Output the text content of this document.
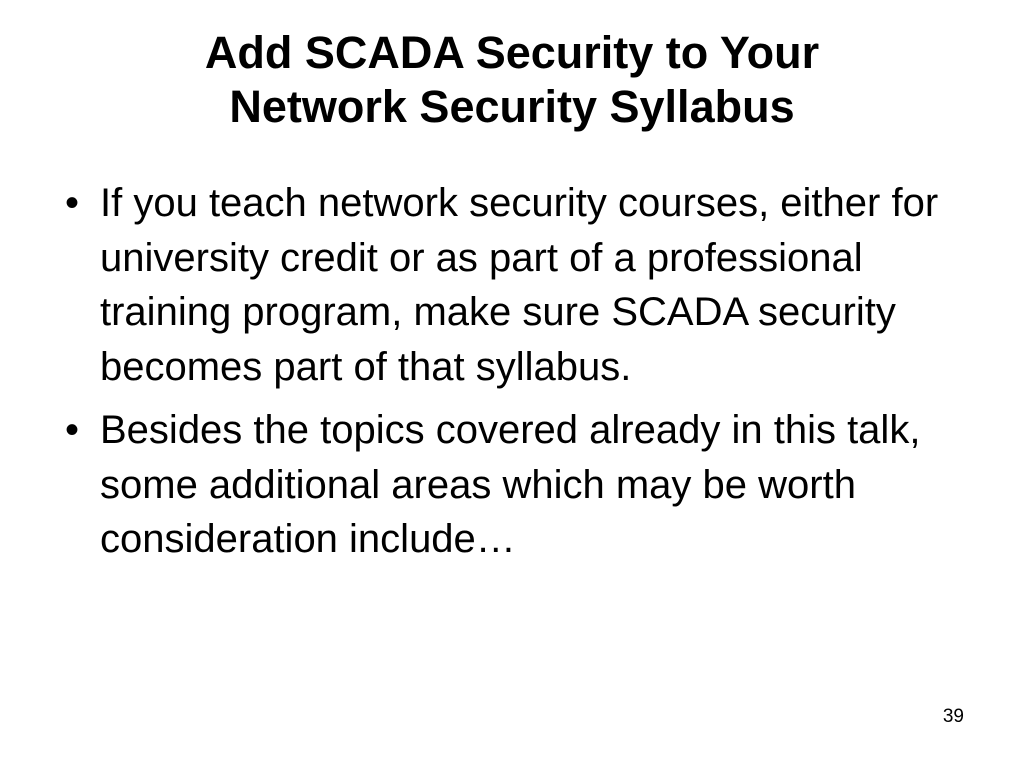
Add SCADA Security to Your
Network Security Syllabus
• If you teach network security courses, either for university credit or as part of a professional training program, make sure SCADA security becomes part of that syllabus.
• Besides the topics covered already in this talk, some additional areas which may be worth consideration include…
39
